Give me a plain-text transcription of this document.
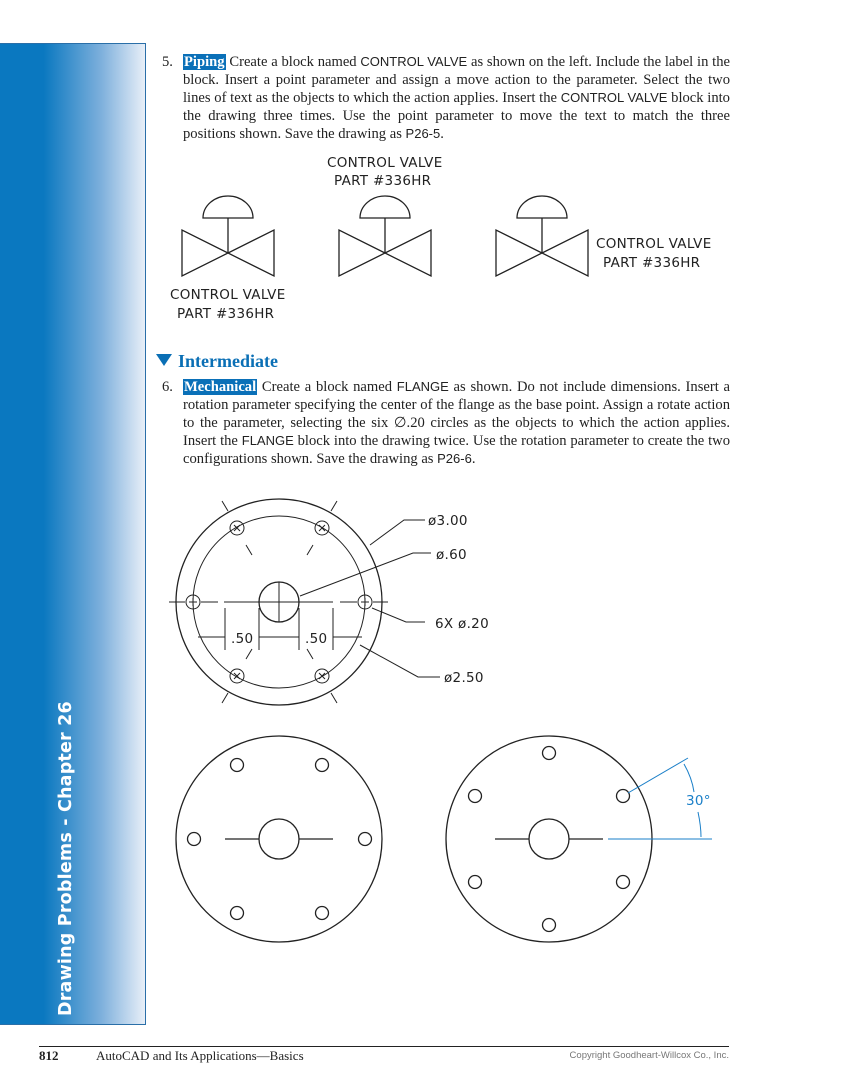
Drawing Problems - Chapter 26
5. Piping Create a block named CONTROL VALVE as shown on the left. Include the label in the block. Insert a point parameter and assign a move action to the parameter. Select the two lines of text as the objects to which the action applies. Insert the CONTROL VALVE block into the drawing three times. Use the point parameter to move the text to match the three positions shown. Save the drawing as P26-5.
Intermediate
6. Mechanical Create a block named FLANGE as shown. Do not include dimensions. Insert a rotation parameter specifying the center of the flange as the base point. Assign a rotate action to the parameter, selecting the six ∅.20 circles as the objects to which the action applies. Insert the FLANGE block into the drawing twice. Use the rotation parameter to create the two configurations shown. Save the drawing as P26-6.
CONTROL VALVE
PART #336HR
CONTROL VALVE
PART #336HR
CONTROL VALVE
PART #336HR
.50	.50
ø3.00
ø.60
6X ø.20
ø2.50
30°
812	AutoCAD and Its Applications—Basics	Copyright Goodheart-Willcox Co., Inc.
